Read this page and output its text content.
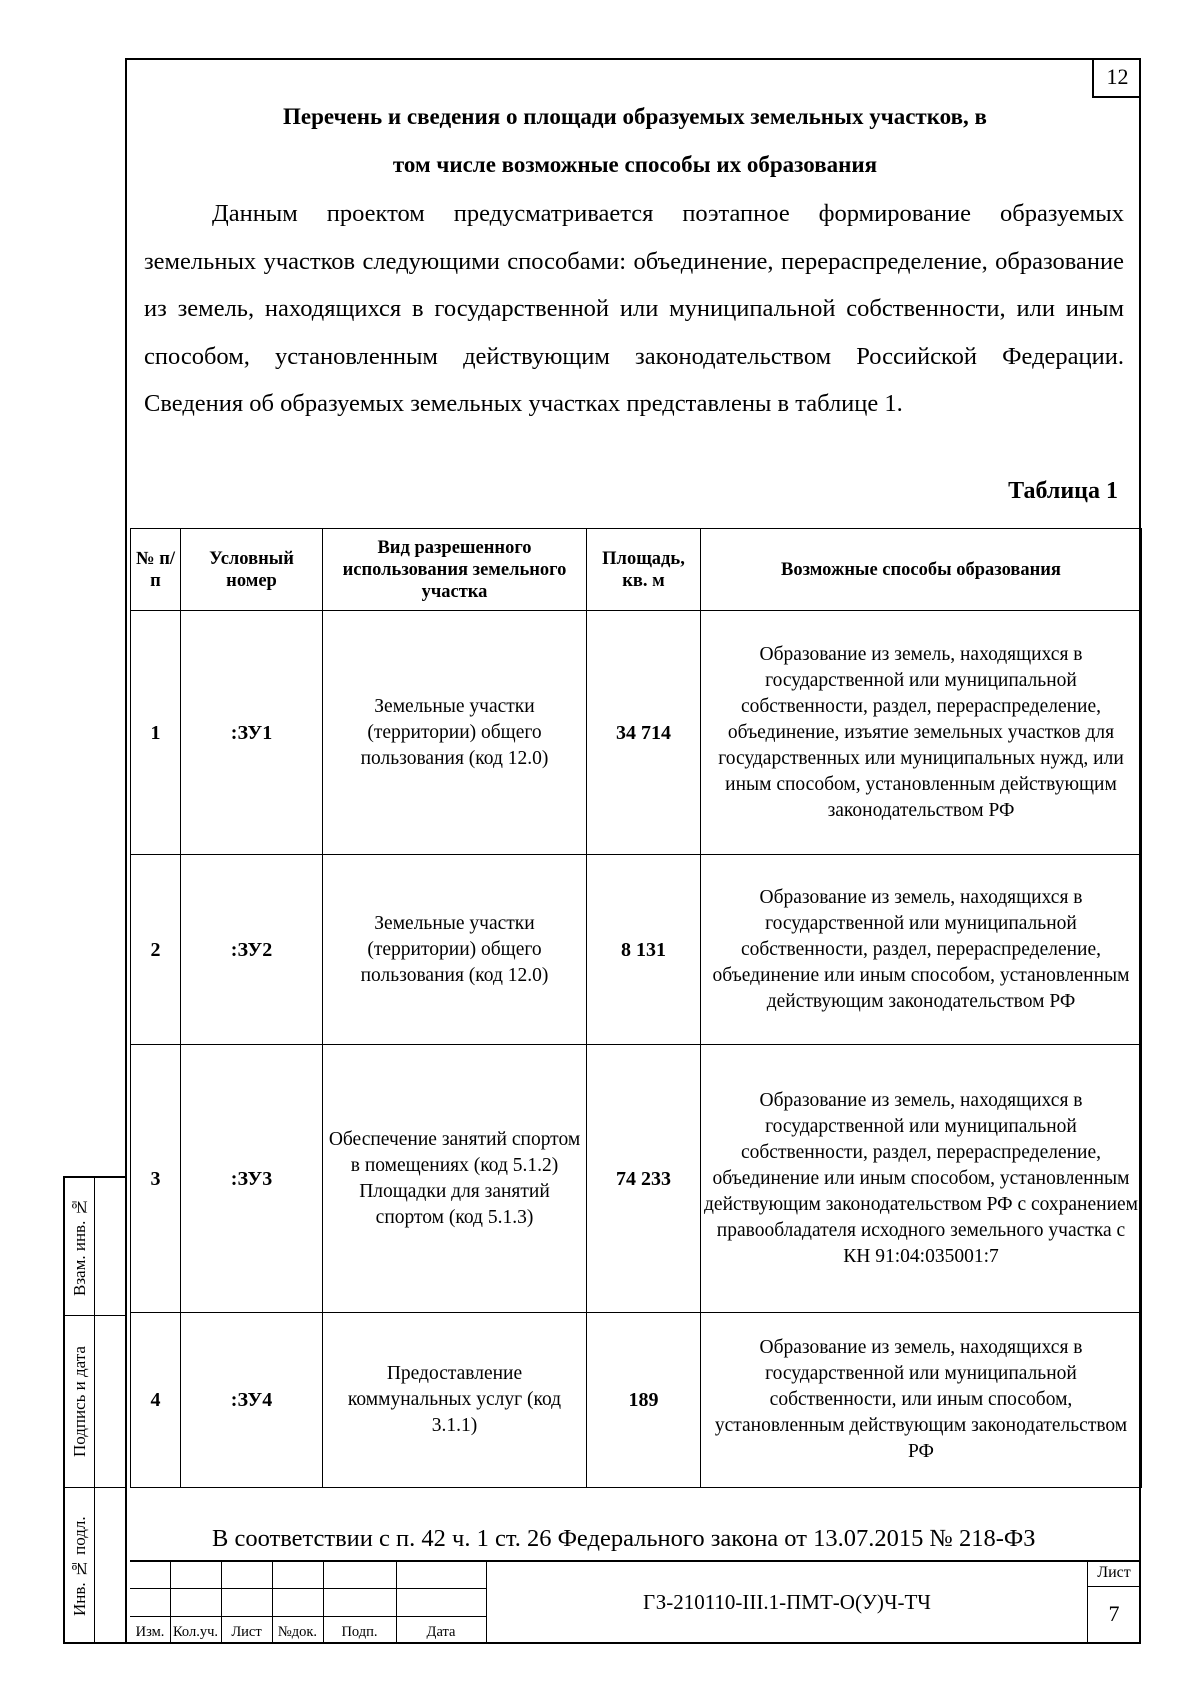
12
Перечень и сведения о площади образуемых земельных участков, в
том числе возможные способы их образования

Данным проектом предусматривается поэтапное формирование образуемых земельных участков следующими способами: объединение, перераспределение, образование из земель, находящихся в государственной или муниципальной собственности, или иным способом, установленным действующим законодательством Российской Федерации. Сведения об образуемых земельных участках представлены в таблице 1.

Таблица 1
№ п/п	Условный номер	Вид разрешенного использования земельного участка	Площадь, кв. м	Возможные способы образования
1	:ЗУ1	Земельные участки (территории) общего пользования (код 12.0)	34 714	Образование из земель, находящихся в государственной или муниципальной собственности, раздел, перераспределение, объединение, изъятие земельных участков для государственных или муниципальных нужд, или иным способом, установленным действующим законодательством РФ
2	:ЗУ2	Земельные участки (территории) общего пользования (код 12.0)	8 131	Образование из земель, находящихся в государственной или муниципальной собственности, раздел, перераспределение, объединение или иным способом, установленным действующим законодательством РФ
3	:ЗУ3	Обеспечение занятий спортом в помещениях (код 5.1.2) Площадки для занятий спортом (код 5.1.3)	74 233	Образование из земель, находящихся в государственной или муниципальной собственности, раздел, перераспределение, объединение или иным способом, установленным действующим законодательством РФ с сохранением правообладателя исходного земельного участка с КН 91:04:035001:7
4	:ЗУ4	Предоставление коммунальных услуг (код 3.1.1)	189	Образование из земель, находящихся в государственной или муниципальной собственности, или иным способом, установленным действующим законодательством РФ
В соответствии с п. 42 ч. 1 ст. 26 Федерального закона от 13.07.2015 № 218-ФЗ
Взам. инв. №
Подпись и дата
Инв. № подл.
Изм. Кол.уч. Лист	№док.	Подп.	Дата
ГЗ-210110-III.1-ПМТ-О(У)Ч-ТЧ
Лист
7
